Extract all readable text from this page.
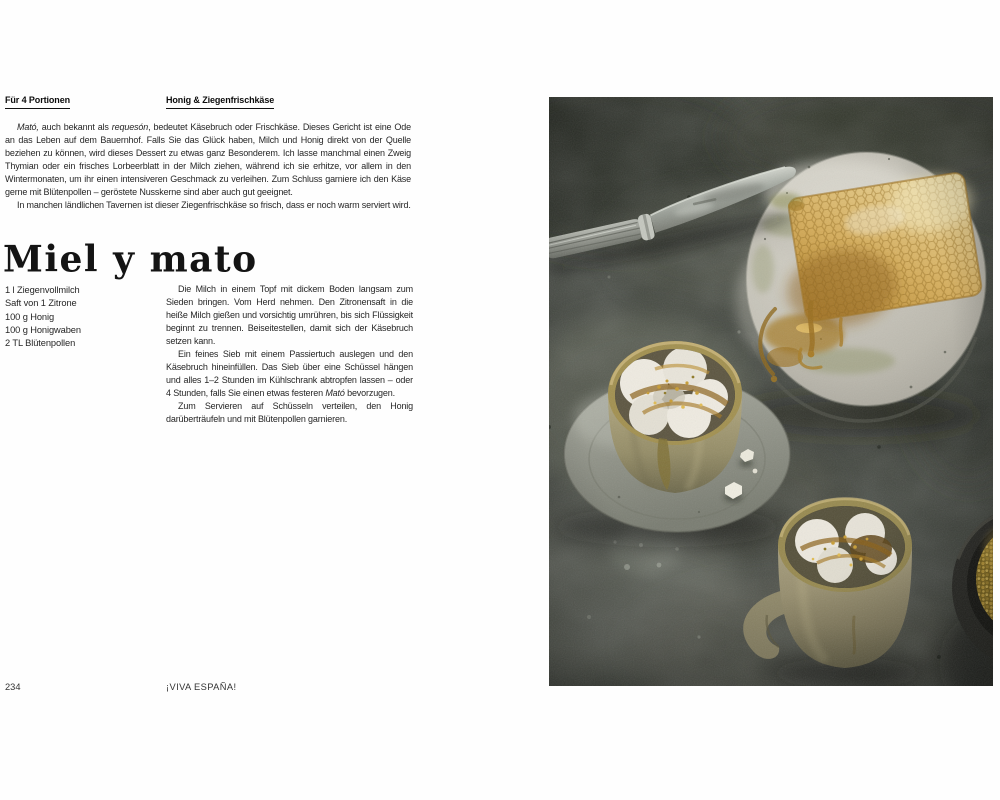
Für 4 Portionen	Honig & Ziegenfrischkäse

Mató, auch bekannt als requesón, bedeutet Käsebruch oder Frischkäse. Dieses Gericht ist eine Ode an das Leben auf dem Bauernhof. Falls Sie das Glück haben, Milch und Honig direkt von der Quelle beziehen zu können, wird dieses Dessert zu etwas ganz Besonderem. Ich lasse manchmal einen Zweig Thymian oder ein frisches Lorbeerblatt in der Milch ziehen, während ich sie erhitze, vor allem in den Wintermonaten, um ihr einen intensiveren Geschmack zu verleihen. Zum Schluss garniere ich den Käse gerne mit Blütenpollen – geröstete Nusskerne sind aber auch gut geeignet.

In manchen ländlichen Tavernen ist dieser Ziegenfrischkäse so frisch, dass er noch warm serviert wird.

Miel y mato
1 l Ziegenvollmilch
Saft von 1 Zitrone
100 g Honig
100 g Honigwaben
2 TL Blütenpollen

Die Milch in einem Topf mit dickem Boden langsam zum Sieden bringen. Vom Herd nehmen. Den Zitronensaft in die heiße Milch gießen und vorsichtig umrühren, bis sich Flüssigkeit beginnt zu trennen. Beiseitestellen, damit sich der Käsebruch setzen kann.

Ein feines Sieb mit einem Passiertuch auslegen und den Käsebruch hineinfüllen. Das Sieb über eine Schüssel hängen und alles 1–2 Stunden im Kühlschrank abtropfen lassen – oder 4 Stunden, falls Sie einen etwas festeren Mató bevorzugen.

Zum Servieren auf Schüsseln verteilen, den Honig darüberträufeln und mit Blütenpollen garnieren.

234	¡VIVA ESPAÑA!
